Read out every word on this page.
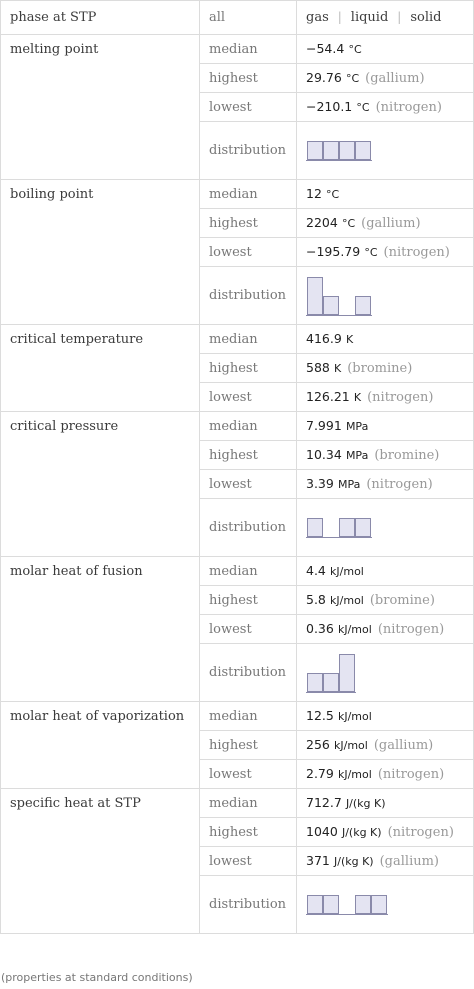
phase at STP	all	gas | liquid | solid
melting point	median	−54.4 °C
	highest	29.76 °C (gallium)
	lowest	−210.1 °C (nitrogen)
	distribution	

boiling point	median	12 °C
	highest	2204 °C (gallium)
	lowest	−195.79 °C (nitrogen)
	distribution	

critical temperature	median	416.9 K
	highest	588 K (bromine)
	lowest	126.21 K (nitrogen)
critical pressure	median	7.991 MPa
	highest	10.34 MPa (bromine)
	lowest	3.39 MPa (nitrogen)
	distribution	

molar heat of fusion	median	4.4 kJ/mol
	highest	5.8 kJ/mol (bromine)
	lowest	0.36 kJ/mol (nitrogen)
	distribution	

molar heat of vaporization	median	12.5 kJ/mol
	highest	256 kJ/mol (gallium)
	lowest	2.79 kJ/mol (nitrogen)
specific heat at STP	median	712.7 J/(kg K)
	highest	1040 J/(kg K) (nitrogen)
	lowest	371 J/(kg K) (gallium)
	distribution	
(properties at standard conditions)
